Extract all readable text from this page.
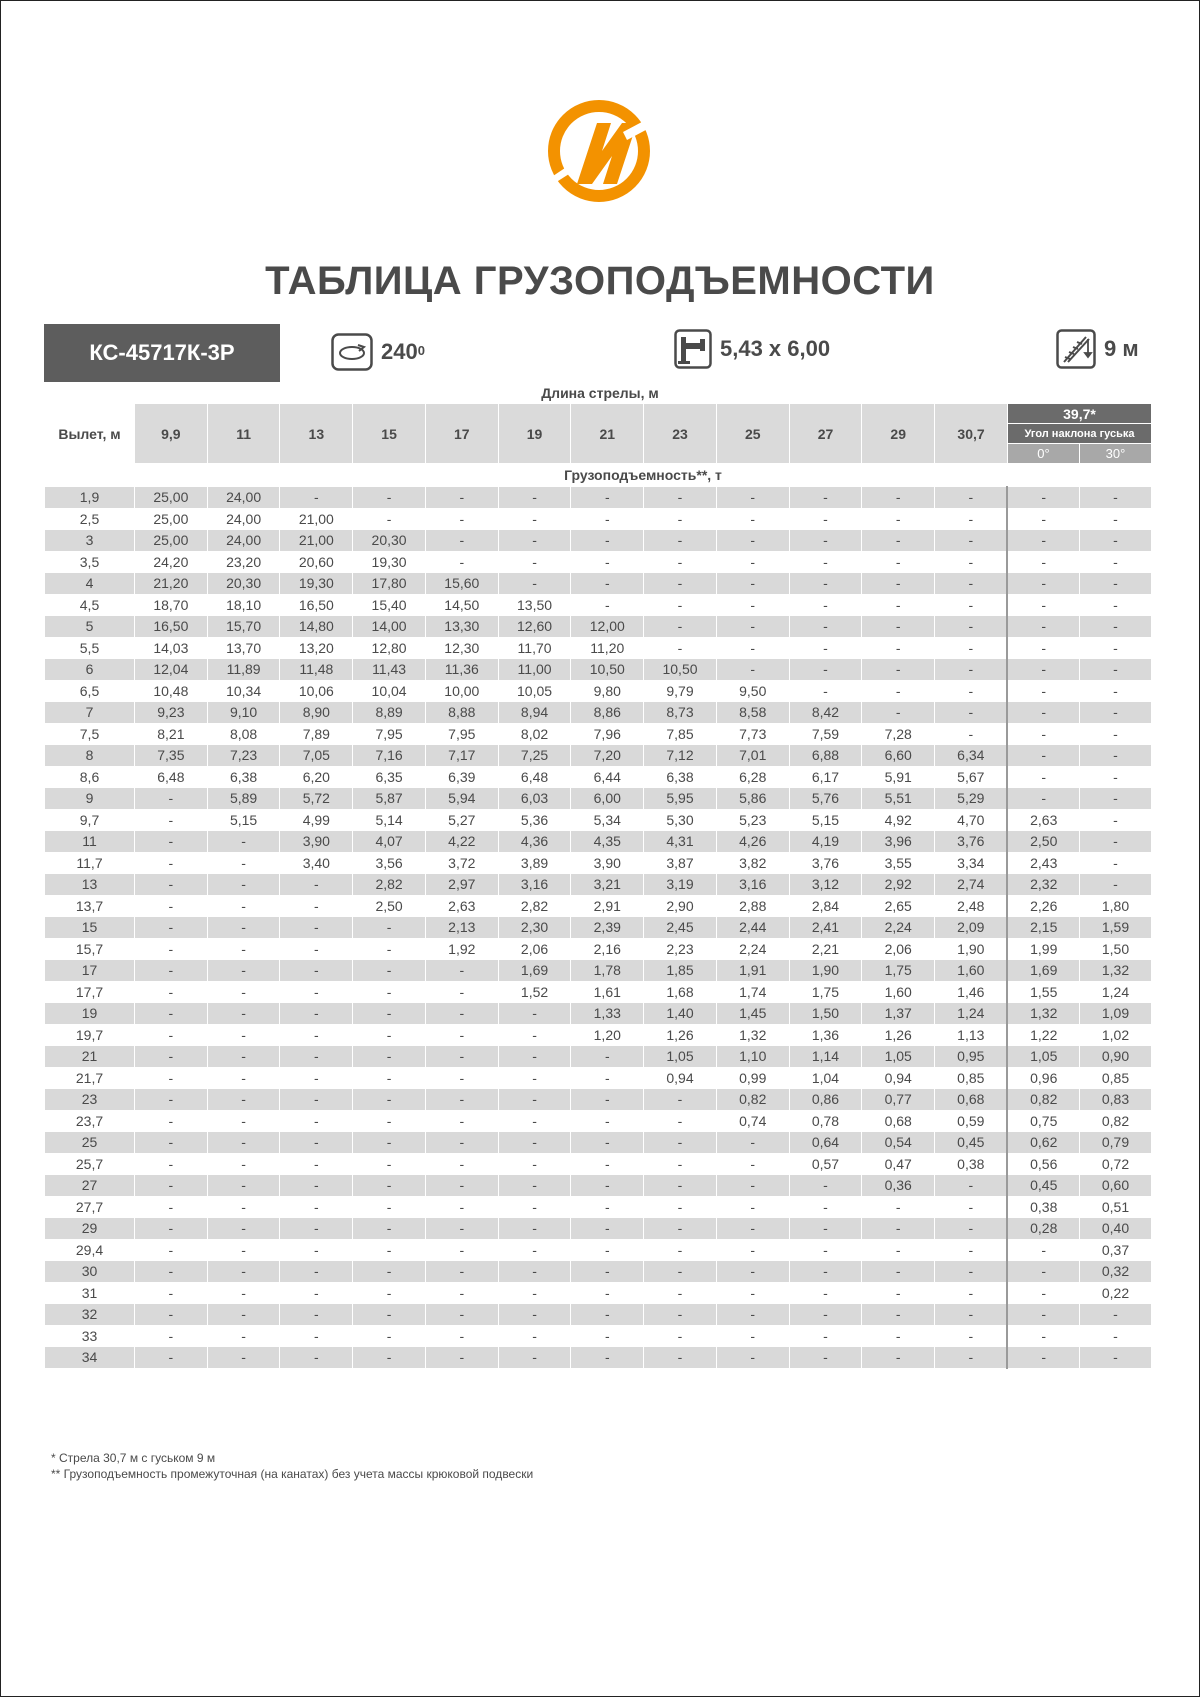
ТАБЛИЦА ГРУЗОПОДЪЕМНОСТИ
КС-45717К-3Р	$240^0$	5,43 х 6,00	9 м
Длина стрелы, м
Вылет, м	9,9	11	13	15	17	19	21	23	25	27	29	30,7	39,7*	
													Угол наклона гуська	
													0°	30°
	Грузоподъемность**, т													
1,9	25,00	24,00	-	-	-	-	-	-	-	-	-	-	-	-
2,5	25,00	24,00	21,00	-	-	-	-	-	-	-	-	-	-	-
3	25,00	24,00	21,00	20,30	-	-	-	-	-	-	-	-	-	-
3,5	24,20	23,20	20,60	19,30	-	-	-	-	-	-	-	-	-	-
4	21,20	20,30	19,30	17,80	15,60	-	-	-	-	-	-	-	-	-
4,5	18,70	18,10	16,50	15,40	14,50	13,50	-	-	-	-	-	-	-	-
5	16,50	15,70	14,80	14,00	13,30	12,60	12,00	-	-	-	-	-	-	-
5,5	14,03	13,70	13,20	12,80	12,30	11,70	11,20	-	-	-	-	-	-	-
6	12,04	11,89	11,48	11,43	11,36	11,00	10,50	10,50	-	-	-	-	-	-
6,5	10,48	10,34	10,06	10,04	10,00	10,05	9,80	9,79	9,50	-	-	-	-	-
7	9,23	9,10	8,90	8,89	8,88	8,94	8,86	8,73	8,58	8,42	-	-	-	-
7,5	8,21	8,08	7,89	7,95	7,95	8,02	7,96	7,85	7,73	7,59	7,28	-	-	-
8	7,35	7,23	7,05	7,16	7,17	7,25	7,20	7,12	7,01	6,88	6,60	6,34	-	-
8,6	6,48	6,38	6,20	6,35	6,39	6,48	6,44	6,38	6,28	6,17	5,91	5,67	-	-
9	-	5,89	5,72	5,87	5,94	6,03	6,00	5,95	5,86	5,76	5,51	5,29	-	-
9,7	-	5,15	4,99	5,14	5,27	5,36	5,34	5,30	5,23	5,15	4,92	4,70	2,63	-
11	-	-	3,90	4,07	4,22	4,36	4,35	4,31	4,26	4,19	3,96	3,76	2,50	-
11,7	-	-	3,40	3,56	3,72	3,89	3,90	3,87	3,82	3,76	3,55	3,34	2,43	-
13	-	-	-	2,82	2,97	3,16	3,21	3,19	3,16	3,12	2,92	2,74	2,32	-
13,7	-	-	-	2,50	2,63	2,82	2,91	2,90	2,88	2,84	2,65	2,48	2,26	1,80
15	-	-	-	-	2,13	2,30	2,39	2,45	2,44	2,41	2,24	2,09	2,15	1,59
15,7	-	-	-	-	1,92	2,06	2,16	2,23	2,24	2,21	2,06	1,90	1,99	1,50
17	-	-	-	-	-	1,69	1,78	1,85	1,91	1,90	1,75	1,60	1,69	1,32
17,7	-	-	-	-	-	1,52	1,61	1,68	1,74	1,75	1,60	1,46	1,55	1,24
19	-	-	-	-	-	-	1,33	1,40	1,45	1,50	1,37	1,24	1,32	1,09
19,7	-	-	-	-	-	-	1,20	1,26	1,32	1,36	1,26	1,13	1,22	1,02
21	-	-	-	-	-	-	-	1,05	1,10	1,14	1,05	0,95	1,05	0,90
21,7	-	-	-	-	-	-	-	0,94	0,99	1,04	0,94	0,85	0,96	0,85
23	-	-	-	-	-	-	-	-	0,82	0,86	0,77	0,68	0,82	0,83
23,7	-	-	-	-	-	-	-	-	0,74	0,78	0,68	0,59	0,75	0,82
25	-	-	-	-	-	-	-	-	-	0,64	0,54	0,45	0,62	0,79
25,7	-	-	-	-	-	-	-	-	-	0,57	0,47	0,38	0,56	0,72
27	-	-	-	-	-	-	-	-	-	-	0,36	-	0,45	0,60
27,7	-	-	-	-	-	-	-	-	-	-	-	-	0,38	0,51
29	-	-	-	-	-	-	-	-	-	-	-	-	0,28	0,40
29,4	-	-	-	-	-	-	-	-	-	-	-	-	-	0,37
30	-	-	-	-	-	-	-	-	-	-	-	-	-	0,32
31	-	-	-	-	-	-	-	-	-	-	-	-	-	0,22
32	-	-	-	-	-	-	-	-	-	-	-	-	-	-
33	-	-	-	-	-	-	-	-	-	-	-	-	-	-
34	-	-	-	-	-	-	-	-	-	-	-	-	-	-
* Стрела 30,7 м с гуськом 9 м
** Грузоподъемность промежуточная (на канатах) без учета массы крюковой подвески
